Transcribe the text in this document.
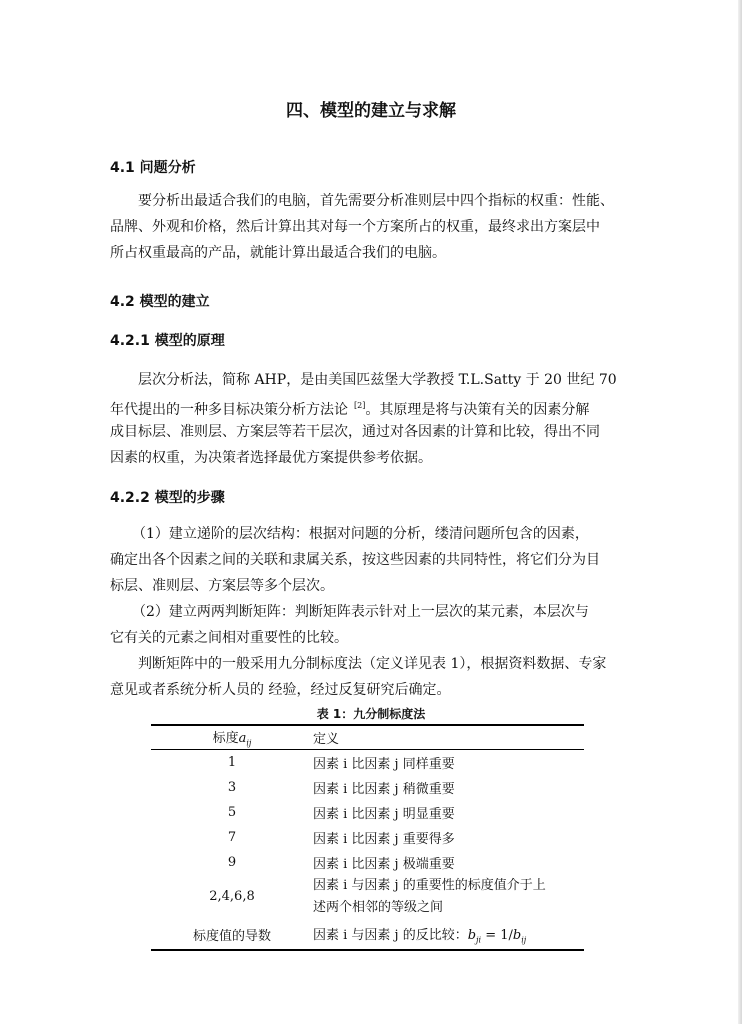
四、模型的建立与求解
4.1 问题分析
要分析出最适合我们的电脑，首先需要分析准则层中四个指标的权重：性能、
品牌、外观和价格，然后计算出其对每一个方案所占的权重，最终求出方案层中
所占权重最高的产品，就能计算出最适合我们的电脑。
4.2 模型的建立
4.2.1 模型的原理
层次分析法，简称 AHP，是由美国匹兹堡大学教授 T.L.Satty 于 20 世纪 70
年代提出的一种多目标决策分析方法论 [2]。其原理是将与决策有关的因素分解
成目标层、准则层、方案层等若干层次，通过对各因素的计算和比较，得出不同
因素的权重，为决策者选择最优方案提供参考依据。
4.2.2 模型的步骤
（1）建立递阶的层次结构：根据对问题的分析，缕清问题所包含的因素，
确定出各个因素之间的关联和隶属关系，按这些因素的共同特性，将它们分为目
标层、准则层、方案层等多个层次。
（2）建立两两判断矩阵：判断矩阵表示针对上一层次的某元素，本层次与
它有关的元素之间相对重要性的比较。
判断矩阵中的一般采用九分制标度法（定义详见表 1），根据资料数据、专家
意见或者系统分析人员的 经验，经过反复研究后确定。
表 1：九分制标度法
标度$a_{ij}$	定义
1	因素 i 比因素 j 同样重要
3	因素 i 比因素 j 稍微重要
5	因素 i 比因素 j 明显重要
7	因素 i 比因素 j 重要得多
9	因素 i 比因素 j 极端重要
2,4,6,8	因素 i 与因素 j 的重要性的标度值介于上
述两个相邻的等级之间
标度值的导数	因素 i 与因素 j 的反比较：$b_{ji} = 1/b_{ij}$
